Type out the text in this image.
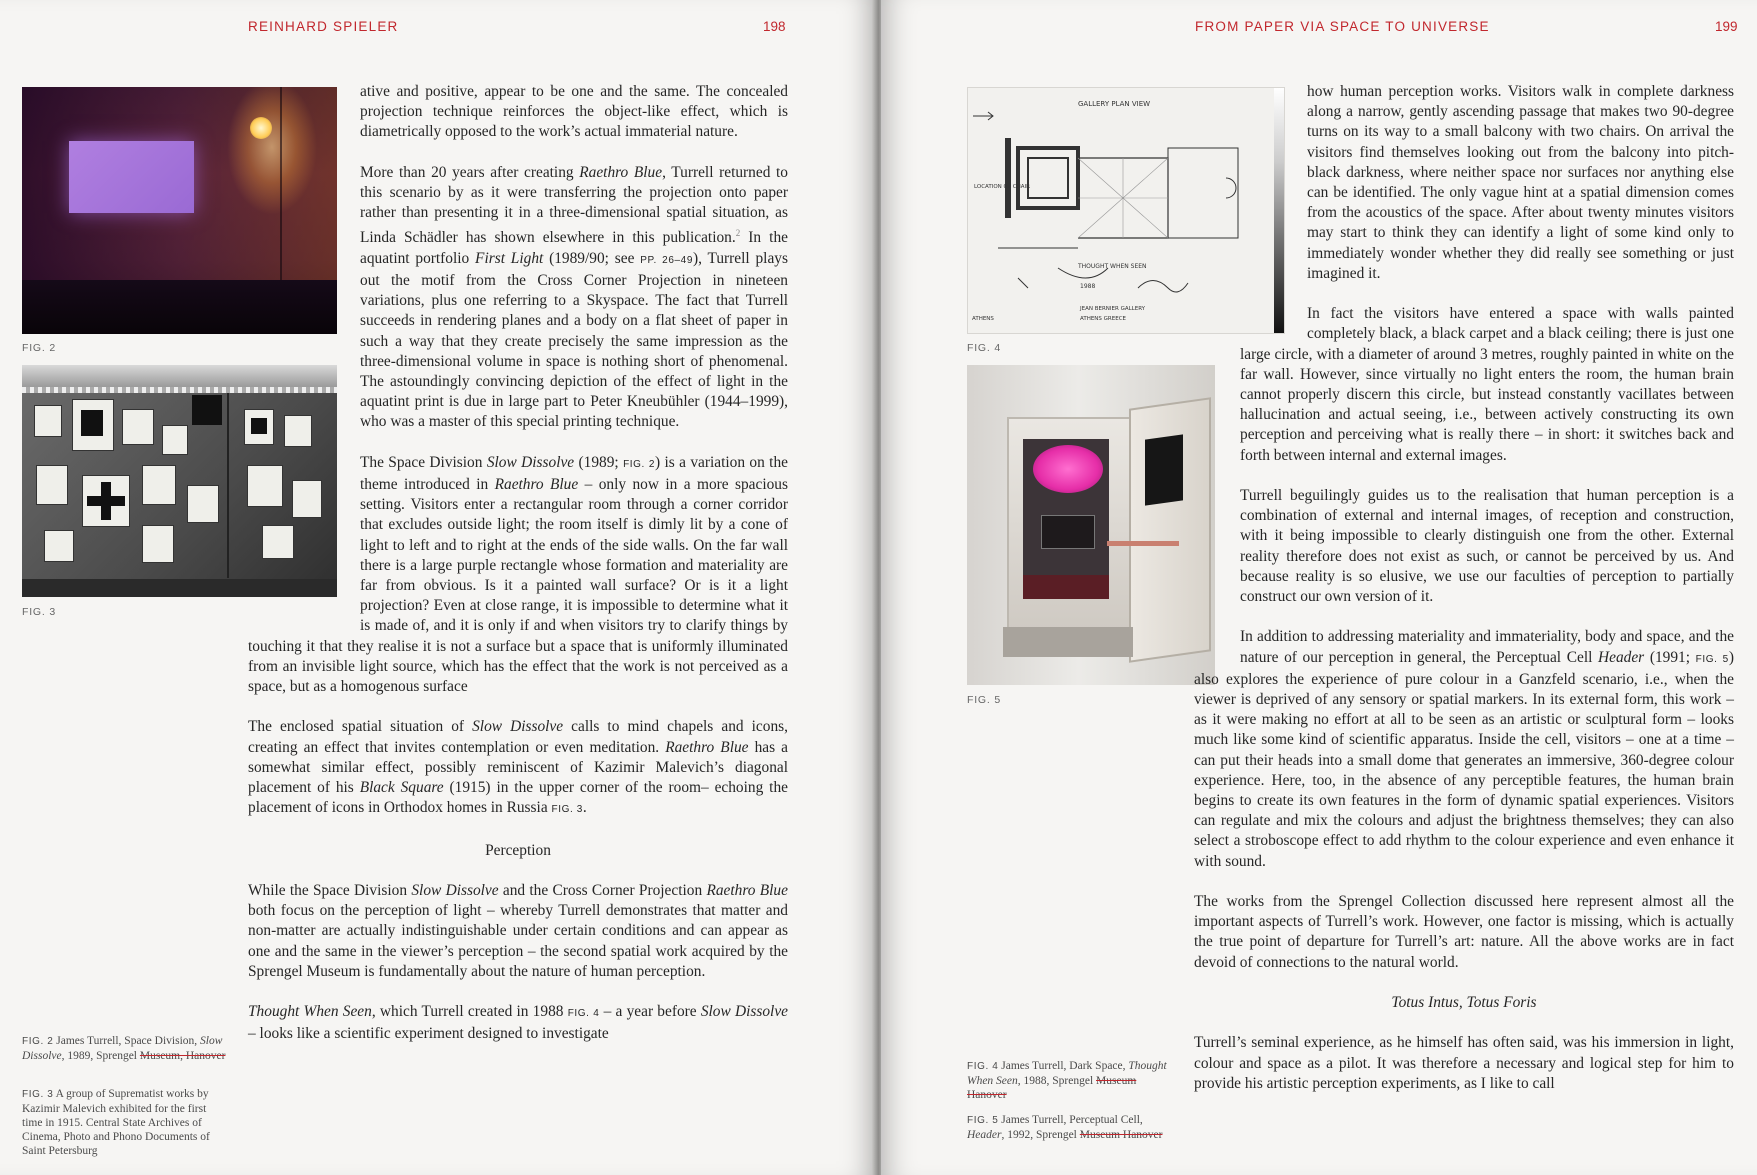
REINHARD SPIELER	198
FIG. 2
FIG. 3
FIG. 2 James Turrell, Space Division, Slow Dissolve, 1989, Sprengel Museum, Hanover
FIG. 3 A group of Suprematist works by Kazimir Malevich exhibited for the first time in 1915. Central State Archives of Cinema, Photo and Phono Documents of Saint Petersburg

ative and positive, appear to be one and the same. The concealed projection technique reinforces the object-like effect, which is diametrically opposed to the work’s actual immaterial nature.

More than 20 years after creating Raethro Blue, Turrell returned to this scenario by as it were transferring the projection onto paper rather than presenting it in a three-dimensional spatial situation, as Linda Schädler has shown elsewhere in this publication.$^2$ In the aquatint portfolio First Light (1989/90; see PP. 26–49), Turrell plays out the motif from the Cross Corner Projection in nineteen variations, plus one referring to a Skyspace. The fact that Turrell succeeds in rendering planes and a body on a flat sheet of paper in such a way that they create precisely the same impression as the three-dimensional volume in space is nothing short of phenomenal. The astoundingly convincing depiction of the effect of light in the aquatint print is due in large part to Peter Kneubühler (1944–1999), who was a master of this special printing technique.

The Space Division Slow Dissolve (1989; FIG. 2) is a variation on the theme introduced in Raethro Blue – only now in a more spacious setting. Visitors enter a rectangular room through a corner corridor that excludes outside light; the room itself is dimly lit by a cone of light to left and to right at the ends of the side walls. On the far wall there is a large purple rectangle whose formation and materiality are far from obvious. Is it a painted wall surface? Or is it a light projection? Even at close range, it is impossible to determine what it is made of, and it is only if and when visitors try to clarify things by touching it that they realise it is not a surface but a space that is uniformly illuminated from an invisible light source, which has the effect that the work is not perceived as a space, but as a homogenous surface

The enclosed spatial situation of Slow Dissolve calls to mind chapels and icons, creating an effect that invites contemplation or even meditation. Raethro Blue has a somewhat similar effect, possibly reminiscent of Kazimir Malevich’s diagonal placement of his Black Square (1915) in the upper corner of the room– echoing the placement of icons in Orthodox homes in Russia FIG. 3.

Perception

While the Space Division Slow Dissolve and the Cross Corner Projection Raethro Blue both focus on the perception of light – whereby Turrell demonstrates that matter and non-matter are actually indistinguishable under certain conditions and can appear as one and the same in the viewer’s perception – the second spatial work acquired by the Sprengel Museum is fundamentally about the nature of human perception.

Thought When Seen, which Turrell created in 1988 FIG. 4 – a year before Slow Dissolve – looks like a scientific experiment designed to investigate

FROM PAPER VIA SPACE TO UNIVERSE	199
GALLERY PLAN VIEW
LOCATION OF CHAIR
THOUGHT WHEN SEEN
1988
JEAN BERNIER GALLERY
ATHENS GREECE
ATHENS
FIG. 4
FIG. 5
FIG. 4 James Turrell, Dark Space, Thought When Seen, 1988, Sprengel Museum Hanover
FIG. 5 James Turrell, Perceptual Cell, Header, 1992, Sprengel Museum Hanover

how human perception works. Visitors walk in complete darkness along a narrow, gently ascending passage that makes two 90-degree turns on its way to a small balcony with two chairs. On arrival the visitors find themselves looking out from the balcony into pitch-black darkness, where neither space nor surfaces nor anything else can be identified. The only vague hint at a spatial dimension comes from the acoustics of the space. After about twenty minutes visitors may start to think they can identify a light of some kind only to immediately wonder whether they did really see something or just imagined it.

In fact the visitors have entered a space with walls painted completely black, a black carpet and a black ceiling; there is just one large circle, with a diameter of around 3 metres, roughly painted in white on the far wall. However, since virtually no light enters the room, the human brain cannot properly discern this circle, but instead constantly vacillates between hallucination and actual seeing, i.e., between actively constructing its own perception and perceiving what is really there – in short: it switches back and forth between internal and external images.

Turrell beguilingly guides us to the realisation that human perception is a combination of external and internal images, of reception and construction, with it being impossible to clearly distinguish one from the other. External reality therefore does not exist as such, or cannot be perceived by us. And because reality is so elusive, we use our faculties of perception to partially construct our own version of it.

In addition to addressing materiality and immateriality, body and space, and the nature of our perception in general, the Perceptual Cell Header (1991; FIG. 5) also explores the experience of pure colour in a Ganzfeld scenario, i.e., when the viewer is deprived of any sensory or spatial markers. In its external form, this work – as it were making no effort at all to be seen as an artistic or sculptural form – looks much like some kind of scientific apparatus. Inside the cell, visitors – one at a time – can put their heads into a small dome that generates an immersive, 360-degree colour experience. Here, too, in the absence of any perceptible features, the human brain begins to create its own features in the form of dynamic spatial experiences. Visitors can regulate and mix the colours and adjust the brightness themselves; they can also select a stroboscope effect to add rhythm to the colour experience and even enhance it with sound.

The works from the Sprengel Collection discussed here represent almost all the important aspects of Turrell’s work. However, one factor is missing, which is actually the true point of departure for Turrell’s art: nature. All the above works are in fact devoid of connections to the natural world.

Totus Intus, Totus Foris

Turrell’s seminal experience, as he himself has often said, was his immersion in light, colour and space as a pilot. It was therefore a necessary and logical step for him to provide his artistic perception experiments, as I like to call
